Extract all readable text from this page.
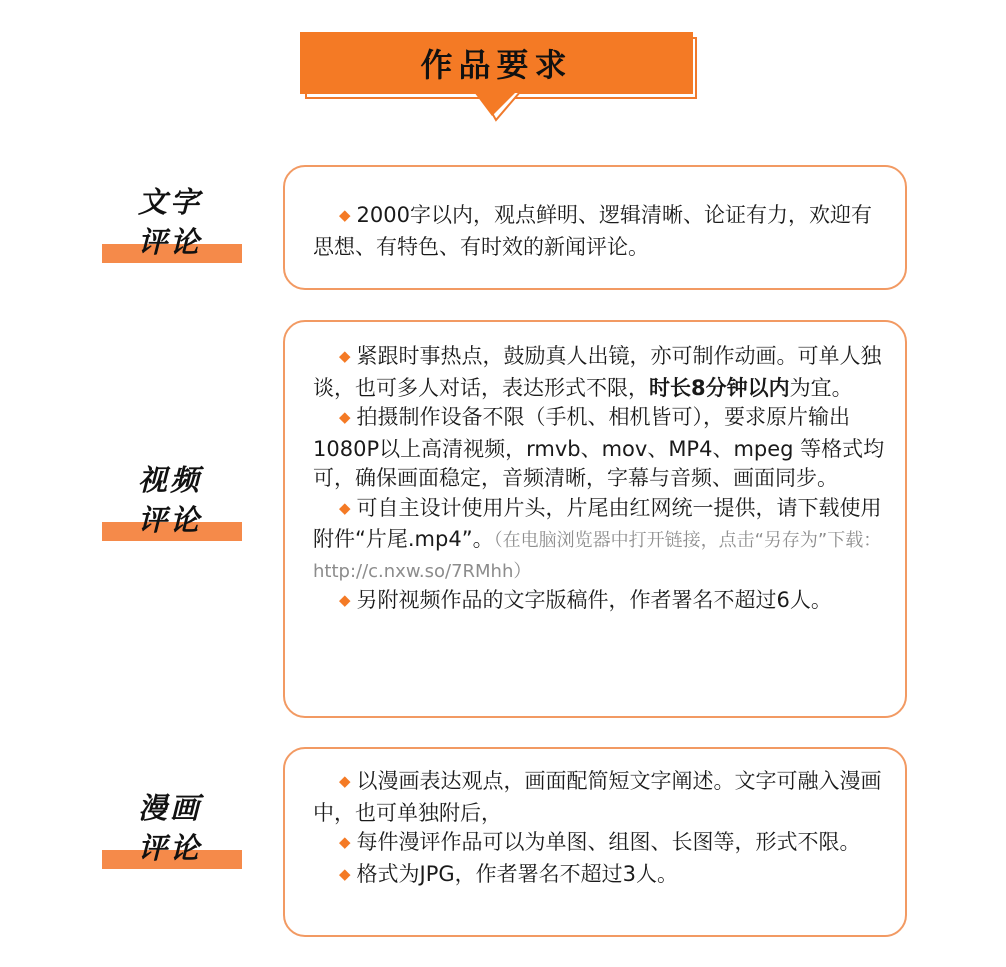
作品要求
文字
评论

◆ 2000字以内，观点鲜明、逻辑清晰、论证有力，欢迎有思想、有特色、有时效的新闻评论。

视频
评论

◆ 紧跟时事热点，鼓励真人出镜，亦可制作动画。可单人独谈，也可多人对话，表达形式不限，时长8分钟以内为宜。

◆ 拍摄制作设备不限（手机、相机皆可），要求原片输出1080P以上高清视频，rmvb、mov、MP4、mpeg 等格式均可，确保画面稳定，音频清晰，字幕与音频、画面同步。

◆ 可自主设计使用片头，片尾由红网统一提供，请下载使用附件“片尾.mp4”。（在电脑浏览器中打开链接，点击“另存为”下载：http://c.nxw.so/7RMhh）

◆ 另附视频作品的文字版稿件，作者署名不超过6人。

漫画
评论

◆ 以漫画表达观点，画面配简短文字阐述。文字可融入漫画中，也可单独附后，

◆ 每件漫评作品可以为单图、组图、长图等，形式不限。

◆ 格式为JPG，作者署名不超过3人。
